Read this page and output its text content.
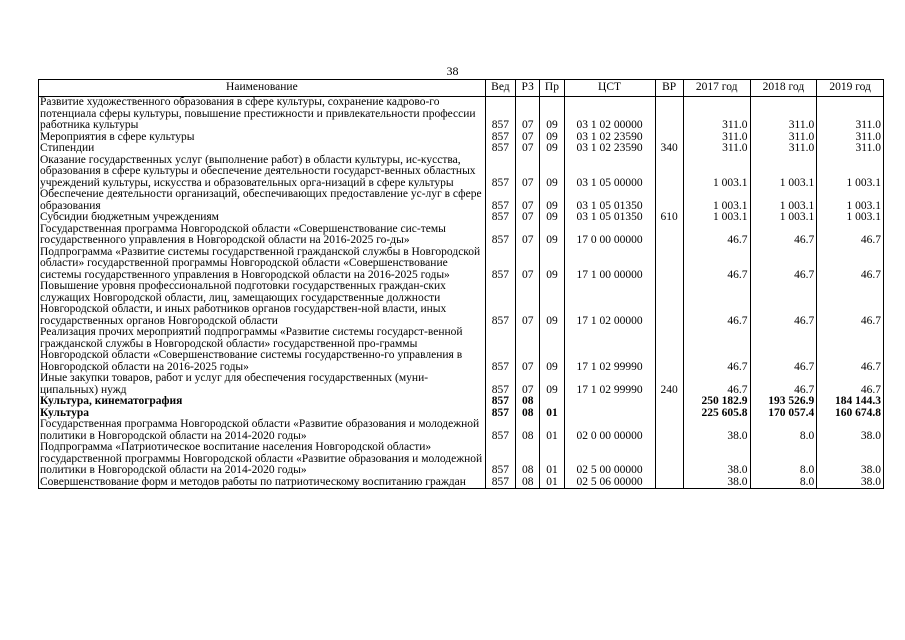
38
Наименование	Вед	РЗ	Пр	ЦСТ	ВР	2017 год	2018 год	2019 год
Развитие художественного образования в сфере культуры, сохранение кадрово-го потенциала сферы культуры, повышение престижности и привлекательности профессии работника культуры	857	07	09	03 1 02 00000		311.0	311.0	311.0
Мероприятия в сфере культуры	857	07	09	03 1 02 23590		311.0	311.0	311.0
Стипендии	857	07	09	03 1 02 23590	340	311.0	311.0	311.0
Оказание государственных услуг (выполнение работ) в области культуры, ис-кусства, образования в сфере культуры и обеспечение деятельности государст-венных областных учреждений культуры, искусства и образовательных орга-низаций в сфере культуры	857	07	09	03 1 05 00000		1 003.1	1 003.1	1 003.1
Обеспечение деятельности организаций, обеспечивающих предоставление ус-луг в сфере образования	857	07	09	03 1 05 01350		1 003.1	1 003.1	1 003.1
Субсидии бюджетным учреждениям	857	07	09	03 1 05 01350	610	1 003.1	1 003.1	1 003.1
Государственная программа Новгородской области «Совершенствование сис-темы государственного управления в Новгородской области на 2016-2025 го-ды»	857	07	09	17 0 00 00000		46.7	46.7	46.7
Подпрограмма «Развитие системы государственной гражданской службы в Новгородской области» государственной программы Новгородской области «Совершенствование системы государственного управления в Новгородской области на 2016-2025 годы»	857	07	09	17 1 00 00000		46.7	46.7	46.7
Повышение уровня профессиональной подготовки государственных граждан-ских служащих Новгородской области, лиц, замещающих государственные должности Новгородской области, и иных работников органов государствен-ной власти, иных государственных органов Новгородской области	857	07	09	17 1 02 00000		46.7	46.7	46.7
Реализация прочих мероприятий подпрограммы «Развитие системы государст-венной гражданской службы в Новгородской области» государственной про-граммы Новгородской области «Совершенствование системы государственно-го управления в Новгородской области на 2016-2025 годы»	857	07	09	17 1 02 99990		46.7	46.7	46.7
Иные закупки товаров, работ и услуг для обеспечения государственных (муни-ципальных) нужд	857	07	09	17 1 02 99990	240	46.7	46.7	46.7
Культура, кинематография	857	08				250 182.9	193 526.9	184 144.3
Культура	857	08	01			225 605.8	170 057.4	160 674.8
Государственная программа Новгородской области «Развитие образования и молодежной политики в Новгородской области на 2014-2020 годы»	857	08	01	02 0 00 00000		38.0	8.0	38.0
Подпрограмма «Патриотическое воспитание населения Новгородской области» государственной программы Новгородской области «Развитие образования и молодежной политики в Новгородской области на 2014-2020 годы»	857	08	01	02 5 00 00000		38.0	8.0	38.0
Совершенствование форм и методов работы по патриотическому воспитанию граждан	857	08	01	02 5 06 00000		38.0	8.0	38.0
